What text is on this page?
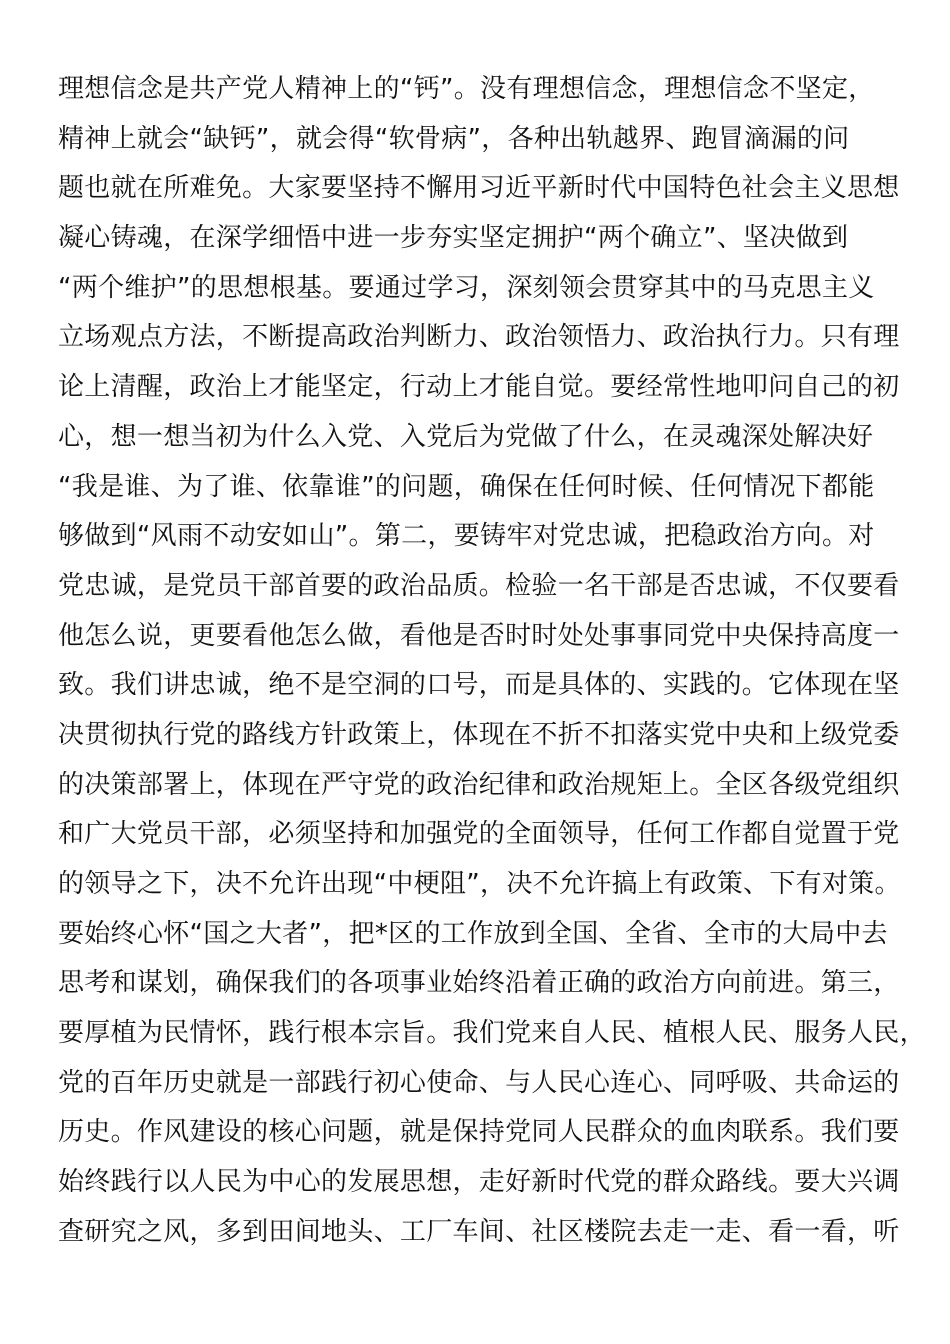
理想信念是共产党人精神上的“钙”。没有理想信念，理想信念不坚定，
精神上就会“缺钙”，就会得“软骨病”，各种出轨越界、跑冒滴漏的问
题也就在所难免。大家要坚持不懈用习近平新时代中国特色社会主义思想
凝心铸魂，在深学细悟中进一步夯实坚定拥护“两个确立”、坚决做到
“两个维护”的思想根基。要通过学习，深刻领会贯穿其中的马克思主义
立场观点方法，不断提高政治判断力、政治领悟力、政治执行力。只有理
论上清醒，政治上才能坚定，行动上才能自觉。要经常性地叩问自己的初
心，想一想当初为什么入党、入党后为党做了什么，在灵魂深处解决好
“我是谁、为了谁、依靠谁”的问题，确保在任何时候、任何情况下都能
够做到“风雨不动安如山”。第二，要铸牢对党忠诚，把稳政治方向。对
党忠诚，是党员干部首要的政治品质。检验一名干部是否忠诚，不仅要看
他怎么说，更要看他怎么做，看他是否时时处处事事同党中央保持高度一
致。我们讲忠诚，绝不是空洞的口号，而是具体的、实践的。它体现在坚
决贯彻执行党的路线方针政策上，体现在不折不扣落实党中央和上级党委
的决策部署上，体现在严守党的政治纪律和政治规矩上。全区各级党组织
和广大党员干部，必须坚持和加强党的全面领导，任何工作都自觉置于党
的领导之下，决不允许出现“中梗阻”，决不允许搞上有政策、下有对策。
要始终心怀“国之大者”，把*区的工作放到全国、全省、全市的大局中去
思考和谋划，确保我们的各项事业始终沿着正确的政治方向前进。第三，
要厚植为民情怀，践行根本宗旨。我们党来自人民、植根人民、服务人民，
党的百年历史就是一部践行初心使命、与人民心连心、同呼吸、共命运的
历史。作风建设的核心问题，就是保持党同人民群众的血肉联系。我们要
始终践行以人民为中心的发展思想，走好新时代党的群众路线。要大兴调
查研究之风，多到田间地头、工厂车间、社区楼院去走一走、看一看，听
